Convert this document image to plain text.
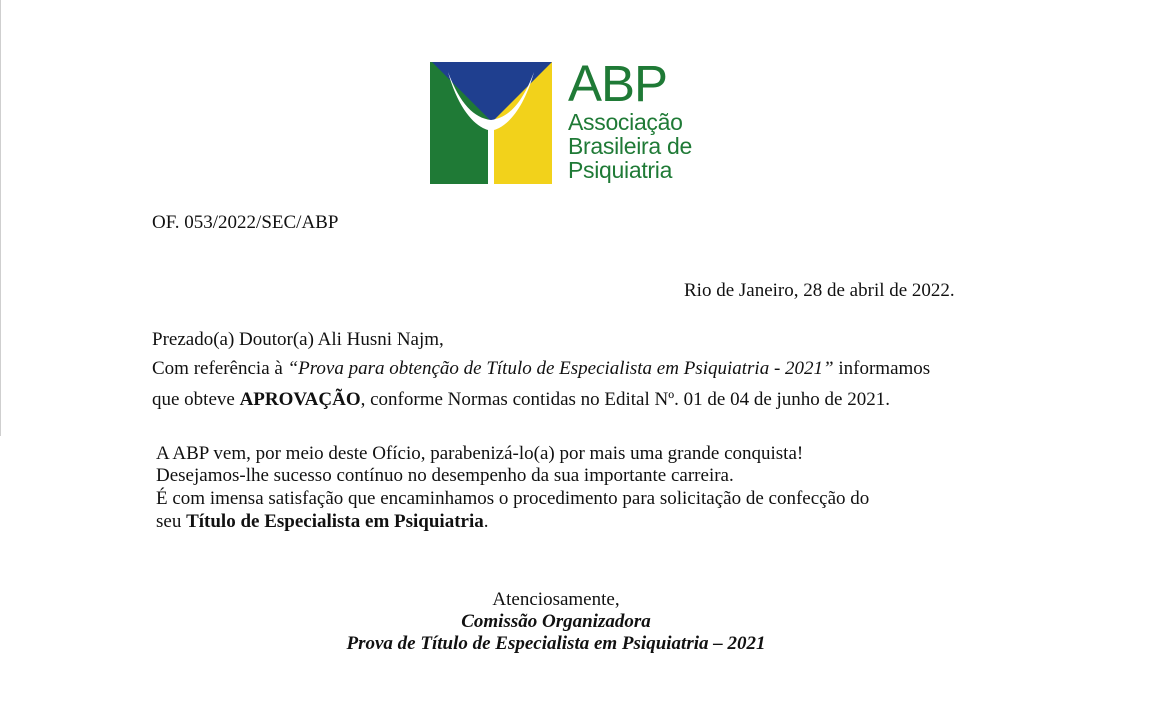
ABP
Associação
Brasileira de
Psiquiatria
OF. 053/2022/SEC/ABP
Rio de Janeiro, 28 de abril de 2022.
Prezado(a) Doutor(a) Ali Husni Najm,
Com referência à “Prova para obtenção de Título de Especialista em Psiquiatria - 2021” informamos
que obteve APROVAÇÃO, conforme Normas contidas no Edital Nº. 01 de 04 de junho de 2021.
A ABP vem, por meio deste Ofício, parabenizá-lo(a) por mais uma grande conquista!
Desejamos-lhe sucesso contínuo no desempenho da sua importante carreira.
É com imensa satisfação que encaminhamos o procedimento para solicitação de confecção do
seu Título de Especialista em Psiquiatria.
Atenciosamente,
Comissão Organizadora
Prova de Título de Especialista em Psiquiatria – 2021
